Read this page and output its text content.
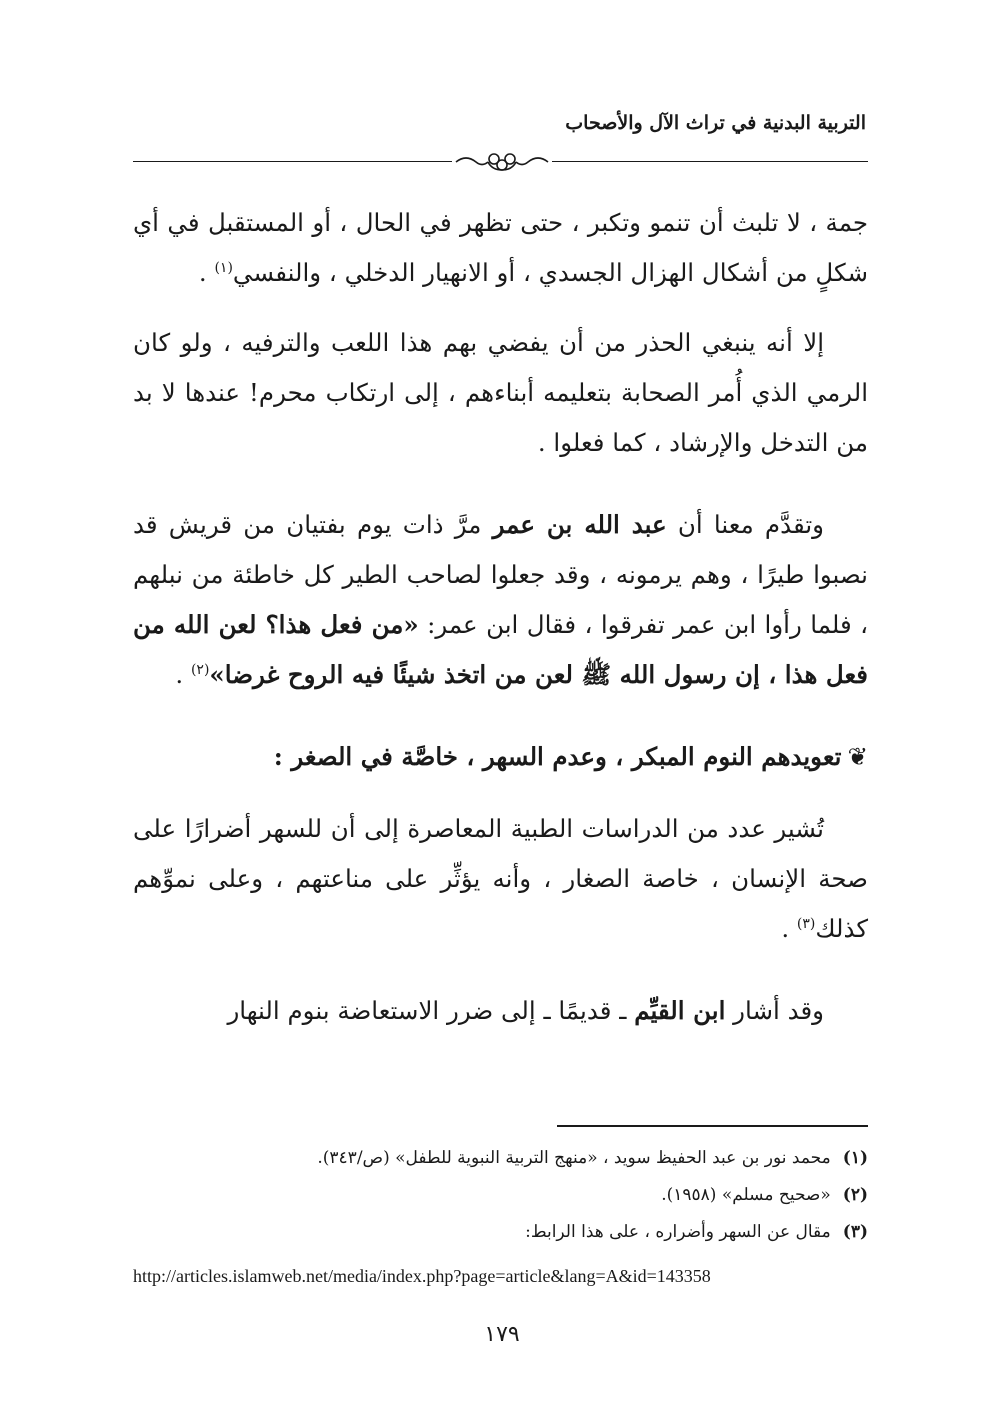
التربية البدنية في تراث الآل والأصحاب

جمة ، لا تلبث أن تنمو وتكبر ، حتى تظهر في الحال ، أو المستقبل في أي شكلٍ من أشكال الهزال الجسدي ، أو الانهيار الدخلي ، والنفسي$^{(١)}$ .

إلا أنه ينبغي الحذر من أن يفضي بهم هذا اللعب والترفيه ، ولو كان الرمي الذي أُمر الصحابة بتعليمه أبناءهم ، إلى ارتكاب محرم! عندها لا بد من التدخل والإرشاد ، كما فعلوا .

وتقدَّم معنا أن عبد الله بن عمر مرَّ ذات يوم بفتيان من قريش قد نصبوا طيرًا ، وهم يرمونه ، وقد جعلوا لصاحب الطير كل خاطئة من نبلهم ، فلما رأوا ابن عمر تفرقوا ، فقال ابن عمر: «من فعل هذا؟ لعن الله من فعل هذا ، إن رسول الله ﷺ لعن من اتخذ شيئًا فيه الروح غرضا»$^{(٢)}$ .

❦تعويدهم النوم المبكر ، وعدم السهر ، خاصَّة في الصغر :

تُشير عدد من الدراسات الطبية المعاصرة إلى أن للسهر أضرارًا على صحة الإنسان ، خاصة الصغار ، وأنه يؤثِّر على مناعتهم ، وعلى نموِّهم كذلك$^{(٣)}$ .

وقد أشار ابن القيِّم ـ قديمًا ـ إلى ضرر الاستعاضة بنوم النهار

(١)محمد نور بن عبد الحفيظ سويد ، «منهج التربية النبوية للطفل» (ص/٣٤٣).
(٢)«صحيح مسلم» (١٩٥٨).
(٣)مقال عن السهر وأضراره ، على هذا الرابط:
http://articles.islamweb.net/media/index.php?page=article&lang=A&id=143358
١٧٩
